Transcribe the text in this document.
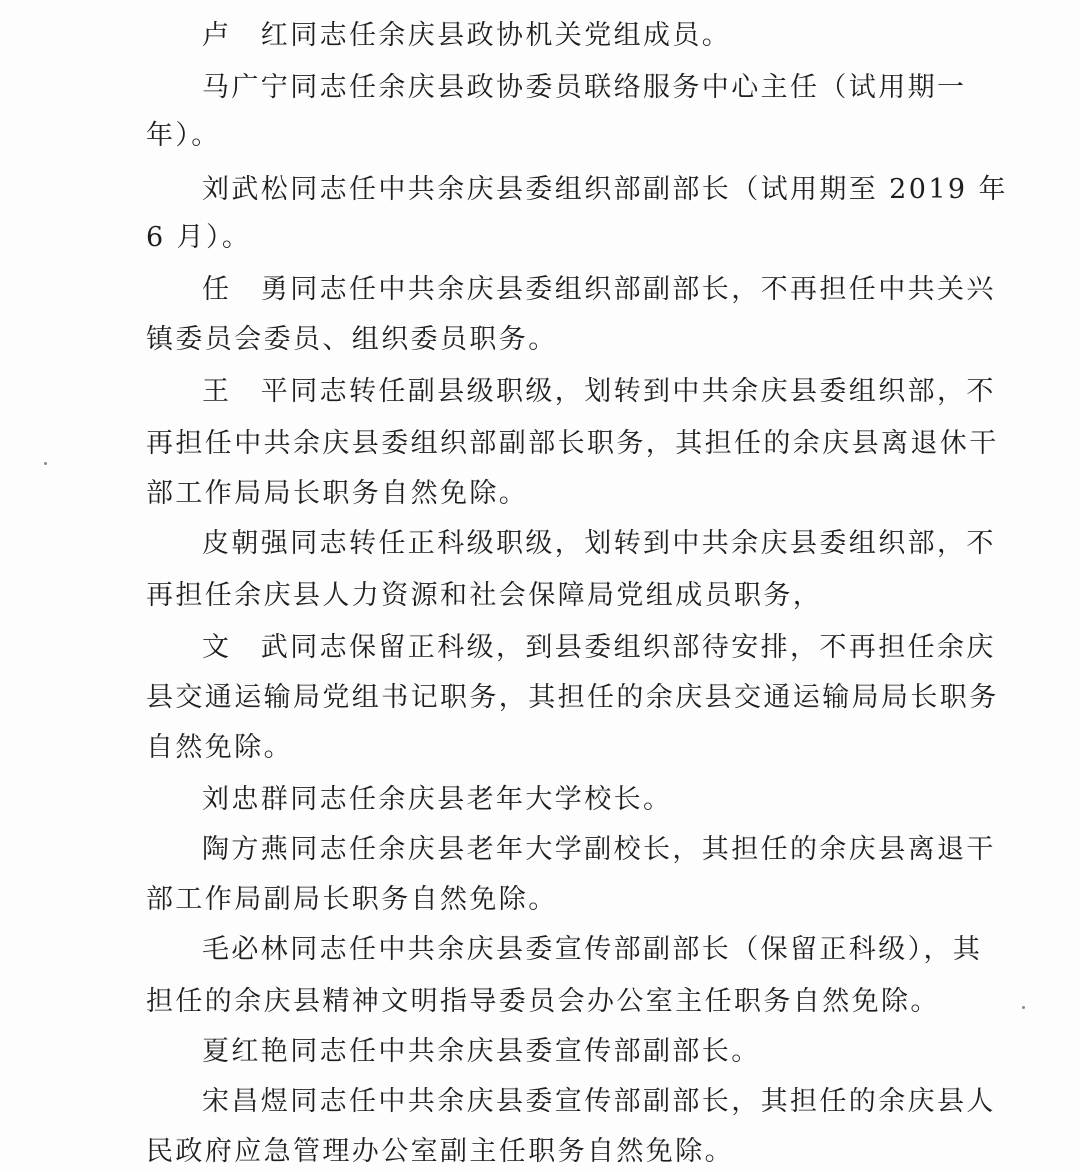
卢　红同志任余庆县政协机关党组成员。
马广宁同志任余庆县政协委员联络服务中心主任（试用期一
年）。
刘武松同志任中共余庆县委组织部副部长（试用期至 2019 年
6 月）。
任　勇同志任中共余庆县委组织部副部长，不再担任中共关兴
镇委员会委员、组织委员职务。
王　平同志转任副县级职级，划转到中共余庆县委组织部，不
再担任中共余庆县委组织部副部长职务，其担任的余庆县离退休干
部工作局局长职务自然免除。
皮朝强同志转任正科级职级，划转到中共余庆县委组织部，不
再担任余庆县人力资源和社会保障局党组成员职务，
文　武同志保留正科级，到县委组织部待安排，不再担任余庆
县交通运输局党组书记职务，其担任的余庆县交通运输局局长职务
自然免除。
刘忠群同志任余庆县老年大学校长。
陶方燕同志任余庆县老年大学副校长，其担任的余庆县离退干
部工作局副局长职务自然免除。
毛必林同志任中共余庆县委宣传部副部长（保留正科级），其
担任的余庆县精神文明指导委员会办公室主任职务自然免除。
夏红艳同志任中共余庆县委宣传部副部长。
宋昌煜同志任中共余庆县委宣传部副部长，其担任的余庆县人
民政府应急管理办公室副主任职务自然免除。
